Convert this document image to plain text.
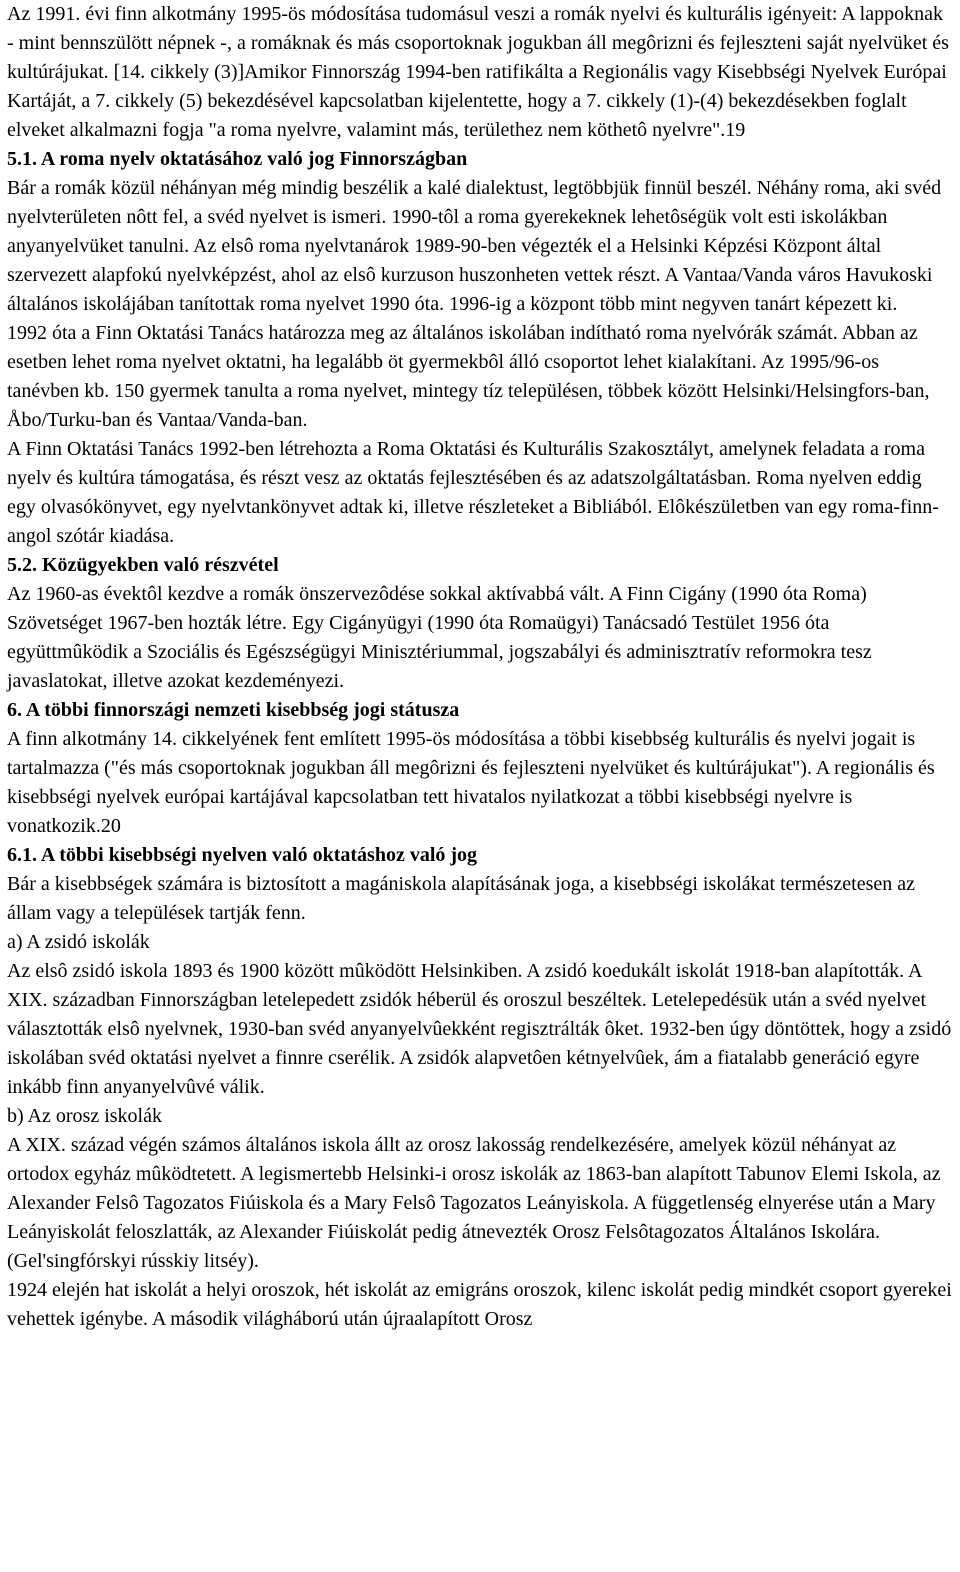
Az 1991. évi finn alkotmány 1995-ös módosítása tudomásul veszi a romák nyelvi és kulturális igényeit: A lappoknak - mint bennszülött népnek -, a romáknak és más csoportoknak jogukban áll megôrizni és fejleszteni saját nyelvüket és kultúrájukat. [14. cikkely (3)]Amikor Finnország 1994-ben ratifikálta a Regionális vagy Kisebbségi Nyelvek Európai Kartáját, a 7. cikkely (5) bekezdésével kapcsolatban kijelentette, hogy a 7. cikkely (1)-(4) bekezdésekben foglalt elveket alkalmazni fogja "a roma nyelvre, valamint más, területhez nem köthetô nyelvre".19

5.1. A roma nyelv oktatásához való jog Finnországban

Bár a romák közül néhányan még mindig beszélik a kalé dialektust, legtöbbjük finnül beszél. Néhány roma, aki svéd nyelvterületen nôtt fel, a svéd nyelvet is ismeri. 1990-tôl a roma gyerekeknek lehetôségük volt esti iskolákban anyanyelvüket tanulni. Az elsô roma nyelvtanárok 1989-90-ben végezték el a Helsinki Képzési Központ által szervezett alapfokú nyelvképzést, ahol az elsô kurzuson huszonheten vettek részt. A Vantaa/Vanda város Havukoski általános iskolájában tanítottak roma nyelvet 1990 óta. 1996-ig a központ több mint negyven tanárt képezett ki.

1992 óta a Finn Oktatási Tanács határozza meg az általános iskolában indítható roma nyelvórák számát. Abban az esetben lehet roma nyelvet oktatni, ha legalább öt gyermekbôl álló csoportot lehet kialakítani. Az 1995/96-os tanévben kb. 150 gyermek tanulta a roma nyelvet, mintegy tíz településen, többek között Helsinki/Helsingfors-ban, Åbo/Turku-ban és Vantaa/Vanda-ban.

A Finn Oktatási Tanács 1992-ben létrehozta a Roma Oktatási és Kulturális Szakosztályt, amelynek feladata a roma nyelv és kultúra támogatása, és részt vesz az oktatás fejlesztésében és az adatszolgáltatásban. Roma nyelven eddig egy olvasókönyvet, egy nyelvtankönyvet adtak ki, illetve részleteket a Bibliából. Elôkészületben van egy roma-finn-angol szótár kiadása.

5.2. Közügyekben való részvétel

Az 1960-as évektôl kezdve a romák önszervezôdése sokkal aktívabbá vált. A Finn Cigány (1990 óta Roma) Szövetséget 1967-ben hozták létre. Egy Cigányügyi (1990 óta Romaügyi) Tanácsadó Testület 1956 óta együttmûködik a Szociális és Egészségügyi Minisztériummal, jogszabályi és adminisztratív reformokra tesz javaslatokat, illetve azokat kezdeményezi.

6. A többi finnországi nemzeti kisebbség jogi státusza

A finn alkotmány 14. cikkelyének fent említett 1995-ös módosítása a többi kisebbség kulturális és nyelvi jogait is tartalmazza ("és más csoportoknak jogukban áll megôrizni és fejleszteni nyelvüket és kultúrájukat"). A regionális és kisebbségi nyelvek európai kartájával kapcsolatban tett hivatalos nyilatkozat a többi kisebbségi nyelvre is vonatkozik.20

6.1. A többi kisebbségi nyelven való oktatáshoz való jog

Bár a kisebbségek számára is biztosított a magániskola alapításának joga, a kisebbségi iskolákat természetesen az állam vagy a települések tartják fenn.

a) A zsidó iskolák

Az elsô zsidó iskola 1893 és 1900 között mûködött Helsinkiben. A zsidó koedukált iskolát 1918-ban alapították. A XIX. században Finnországban letelepedett zsidók héberül és oroszul beszéltek. Letelepedésük után a svéd nyelvet választották elsô nyelvnek, 1930-ban svéd anyanyelvûekként regisztrálták ôket. 1932-ben úgy döntöttek, hogy a zsidó iskolában svéd oktatási nyelvet a finnre cserélik. A zsidók alapvetôen kétnyelvûek, ám a fiatalabb generáció egyre inkább finn anyanyelvûvé válik.

b) Az orosz iskolák

A XIX. század végén számos általános iskola állt az orosz lakosság rendelkezésére, amelyek közül néhányat az ortodox egyház mûködtetett. A legismertebb Helsinki-i orosz iskolák az 1863-ban alapított Tabunov Elemi Iskola, az Alexander Felsô Tagozatos Fiúiskola és a Mary Felsô Tagozatos Leányiskola. A függetlenség elnyerése után a Mary Leányiskolát feloszlatták, az Alexander Fiúiskolát pedig átnevezték Orosz Felsôtagozatos Általános Iskolára. (Gel'singfórskyi rússkiy litséy).

1924 elején hat iskolát a helyi oroszok, hét iskolát az emigráns oroszok, kilenc iskolát pedig mindkét csoport gyerekei vehettek igénybe. A második világháború után újraalapított Orosz
